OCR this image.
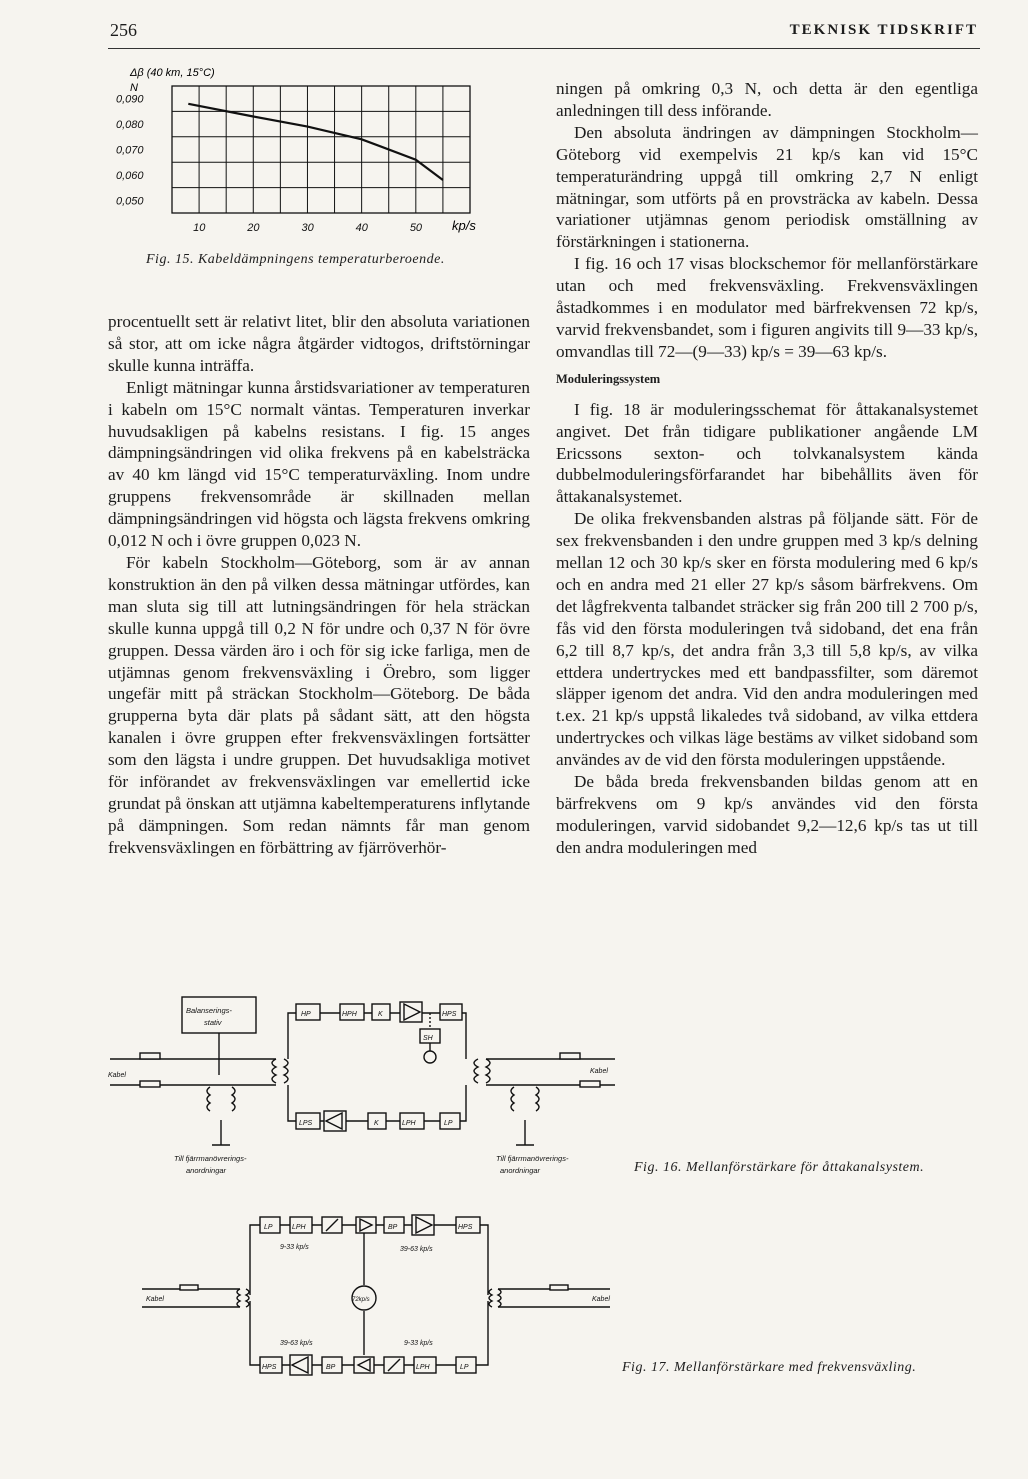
256	TEKNISK TIDSKRIFT
Δβ (40 km, 15°C)
N
0,090
0,080
0,070
0,060
0,050
10	20	30	40	50 kp/s
Fig. 15. Kabeldämpningens temperaturberoende.

procentuellt sett är relativt litet, blir den absoluta variationen så stor, att om icke några åtgärder vidtogos, driftstörningar skulle kunna inträffa.

Enligt mätningar kunna årstidsvariationer av temperaturen i kabeln om 15°C normalt väntas. Temperaturen inverkar huvudsakligen på kabelns resistans. I fig. 15 anges dämpningsändringen vid olika frekvens på en kabelsträcka av 40 km längd vid 15°C temperaturväxling. Inom undre gruppens frekvensområde är skillnaden mellan dämpningsändringen vid högsta och lägsta frekvens omkring 0,012 N och i övre gruppen 0,023 N.

För kabeln Stockholm—Göteborg, som är av annan konstruktion än den på vilken dessa mätningar utfördes, kan man sluta sig till att lutningsändringen för hela sträckan skulle kunna uppgå till 0,2 N för undre och 0,37 N för övre gruppen. Dessa värden äro i och för sig icke farliga, men de utjämnas genom frekvensväxling i Örebro, som ligger ungefär mitt på sträckan Stockholm—Göteborg. De båda grupperna byta där plats på sådant sätt, att den högsta kanalen i övre gruppen efter frekvensväxlingen fortsätter som den lägsta i undre gruppen. Det huvudsakliga motivet för införandet av frekvensväxlingen var emellertid icke grundat på önskan att utjämna kabeltemperaturens inflytande på dämpningen. Som redan nämnts får man genom frekvensväxlingen en förbättring av fjärröverhör-

ningen på omkring 0,3 N, och detta är den egentliga anledningen till dess införande.

Den absoluta ändringen av dämpningen Stockholm—Göteborg vid exempelvis 21 kp/s kan vid 15°C temperaturändring uppgå till omkring 2,7 N enligt mätningar, som utförts på en provsträcka av kabeln. Dessa variationer utjämnas genom periodisk omställning av förstärkningen i stationerna.

I fig. 16 och 17 visas blockschemor för mellanförstärkare utan och med frekvensväxling. Frekvensväxlingen åstadkommes i en modulator med bärfrekvensen 72 kp/s, varvid frekvensbandet, som i figuren angivits till 9—33 kp/s, omvandlas till 72—(9—33) kp/s = 39—63 kp/s.

Moduleringssystem

I fig. 18 är moduleringsschemat för åttakanalsystemet angivet. Det från tidigare publikationer angående LM Ericssons sexton- och tolvkanalsystem kända dubbelmoduleringsförfarandet har bibehållits även för åttakanalsystemet.

De olika frekvensbanden alstras på följande sätt. För de sex frekvensbanden i den undre gruppen med 3 kp/s delning mellan 12 och 30 kp/s sker en första modulering med 6 kp/s och en andra med 21 eller 27 kp/s såsom bärfrekvens. Om det lågfrekventa talbandet sträcker sig från 200 till 2 700 p/s, fås vid den första moduleringen två sidoband, det ena från 6,2 till 8,7 kp/s, det andra från 3,3 till 5,8 kp/s, av vilka ettdera undertryckes med ett bandpassfilter, som däremot släpper igenom det andra. Vid den andra moduleringen med t.ex. 21 kp/s uppstå likaledes två sidoband, av vilka ettdera undertryckes och vilkas läge bestäms av vilket sidoband som användes av de vid den första moduleringen uppstående.

De båda breda frekvensbanden bildas genom att en bärfrekvens om 9 kp/s användes vid den första moduleringen, varvid sidobandet 9,2—12,6 kp/s tas ut till den andra moduleringen med

Balanserings-
stativ
HP	HPH	K	HPS
SH
LPS	K	LPH	LP
Kabel
Till fjärrmanövrerings-
anordningar
Kabel
Till fjärrmanövrerings-
anordningar	Fig. 16. Mellanförstärkare för åttakanalsystem.
LP	LPH	BP	HPS
9-33 kp/s	39-63 kp/s
72kp/s
HPS	BP	LPH	LP
39-63 kp/s	9-33 kp/s
Kabel	Kabel
Fig. 17. Mellanförstärkare med frekvensväxling.
